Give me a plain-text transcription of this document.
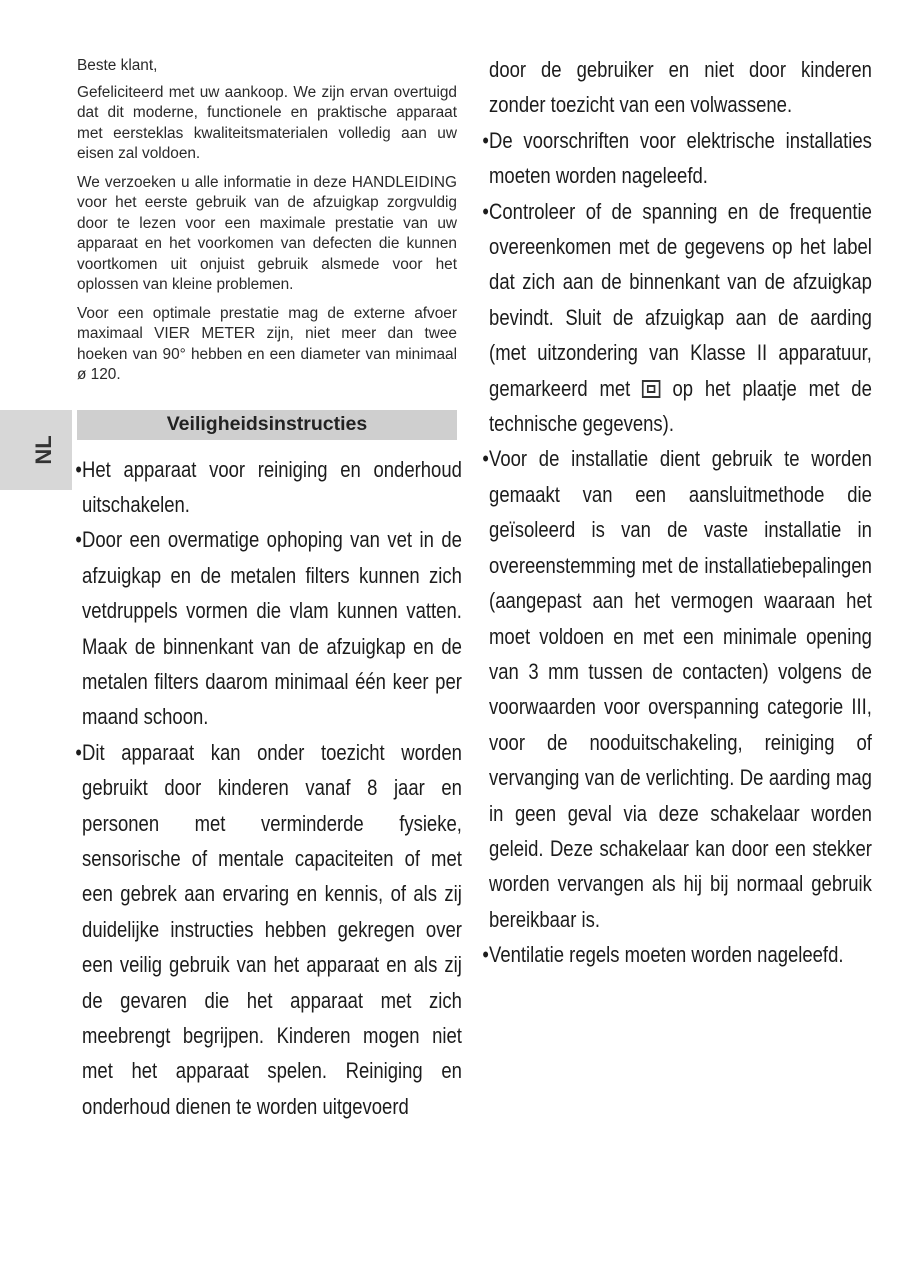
NL

Beste klant,

Gefeliciteerd met uw aankoop. We zijn ervan overtuigd dat dit moderne, functionele en praktische apparaat met eersteklas kwaliteitsmaterialen volledig aan uw eisen zal voldoen.

We verzoeken u alle informatie in deze HANDLEIDING voor het eerste gebruik van de afzuigkap zorgvuldig door te lezen voor een maximale prestatie van uw apparaat en het voorkomen van defecten die kunnen voortkomen uit onjuist gebruik alsmede voor het oplossen van kleine problemen.

Voor een optimale prestatie mag de externe afvoer maximaal VIER METER zijn, niet meer dan twee hoeken van 90° hebben en een diameter van minimaal ø 120.

Veiligheidsinstructies
• Het apparaat voor reiniging en onderhoud uitschakelen.
• Door een overmatige ophoping van vet in de afzuigkap en de metalen filters kunnen zich vetdruppels vormen die vlam kunnen vatten. Maak de binnenkant van de afzuigkap en de metalen filters daarom minimaal één keer per maand schoon.
• Dit apparaat kan onder toezicht worden gebruikt door kinderen vanaf 8 jaar en personen met verminderde fysieke, sensorische of mentale capaciteiten of met een gebrek aan ervaring en kennis, of als zij duidelijke instructies hebben gekregen over een veilig gebruik van het apparaat en als zij de gevaren die het apparaat met zich meebrengt begrijpen. Kinderen mogen niet met het apparaat spelen. Reiniging en onderhoud dienen te worden uitgevoerd

door de gebruiker en niet door kinderen zonder toezicht van een volwassene.

• De voorschriften voor elektrische installaties moeten worden nageleefd.
• Controleer of de spanning en de frequentie overeenkomen met de gegevens op het label dat zich aan de binnenkant van de afzuigkap bevindt. Sluit de afzuigkap aan de aarding (met uitzondering van Klasse II apparatuur, gemarkeerd met op het plaatje met de technische gegevens).
• Voor de installatie dient gebruik te worden gemaakt van een aansluitmethode die geïsoleerd is van de vaste installatie in overeenstemming met de installatiebepalingen (aangepast aan het vermogen waaraan het moet voldoen en met een minimale opening van 3 mm tussen de contacten) volgens de voorwaarden voor overspanning categorie III, voor de nooduitschakeling, reiniging of vervanging van de verlichting. De aarding mag in geen geval via deze schakelaar worden geleid. Deze schakelaar kan door een stekker worden vervangen als hij bij normaal gebruik bereikbaar is.
• Ventilatie regels moeten worden nageleefd.
